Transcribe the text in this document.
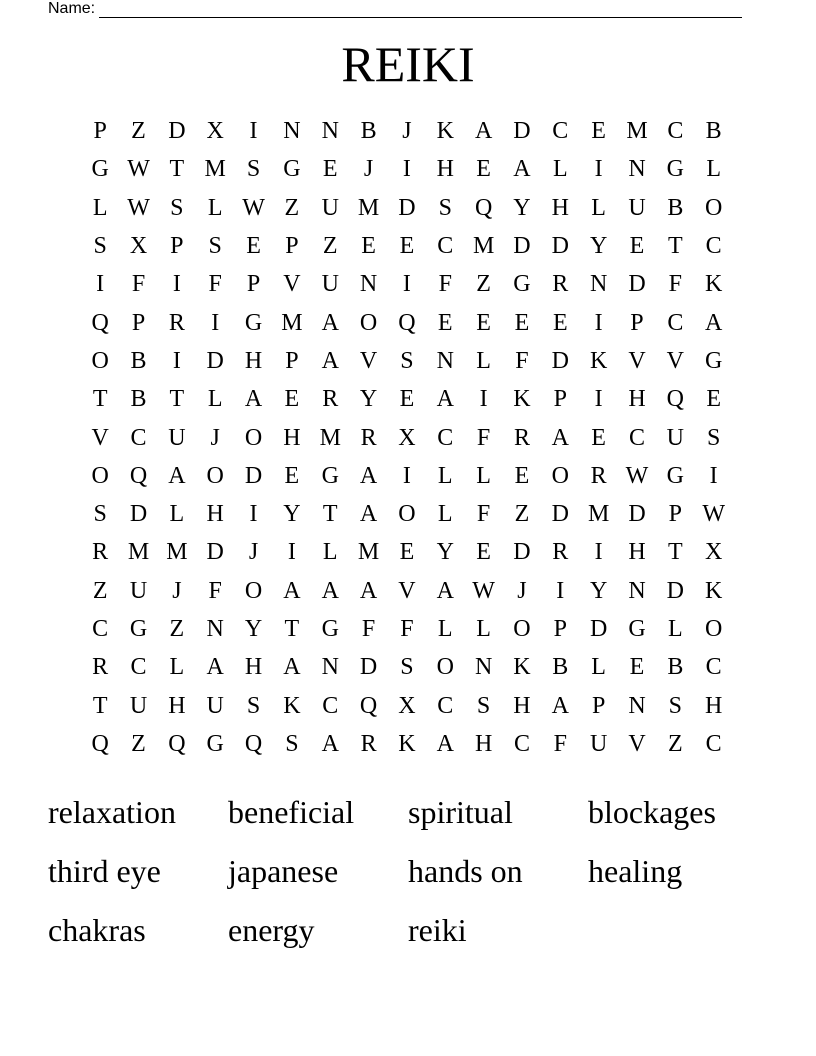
Name:
REIKI
P	Z D X	I	N N B	J	K A D C E M C B
G W T M S G E	J	I	H E A L	I	N G L
L W S	L W Z U M D S Q Y H L U B O
S X P	S	E	P	Z E E C M D D Y E T C
I	F	I	F	P V U N	I	F	Z G R N D F K
Q P R	I	G M A O Q E E E E	I	P C A
O B	I	D H P A V S N L	F D K V V G
T B T L A E R Y E A	I	K P	I	H Q E
V C U	J	O H M R X C F R A E C U S
O Q A O D E G A	I	L L E O R W G	I
S D L H	I	Y T A O L	F	Z D M D P W
R M M D	J	I	L M E Y E D R	I	H T X
Z U	J	F O A A A V A W J	I	Y N D K
C G Z N Y T G F	F	L L O P D G L O
R C L A H A N D S O N K B L E B C
T U H U S K C Q X C S H A P N S H
Q Z Q G Q S A R K A H C F U V Z C
relaxation	beneficial	spiritual	blockages
third eye	japanese	hands on	healing
chakras	energy	reiki
